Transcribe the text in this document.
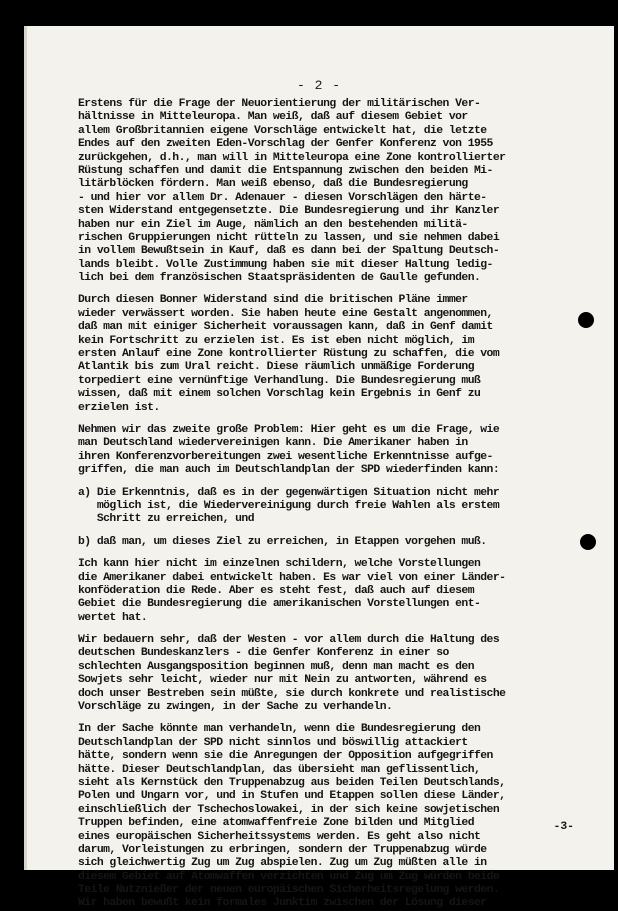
- 2 -
Erstens für die Frage der Neuorientierung der militärischen Ver-
hältnisse in Mitteleuropa. Man weiß, daß auf diesem Gebiet vor
allem Großbritannien eigene Vorschläge entwickelt hat, die letzte
Endes auf den zweiten Eden-Vorschlag der Genfer Konferenz von 1955
zurückgehen, d.h., man will in Mitteleuropa eine Zone kontrollierter
Rüstung schaffen und damit die Entspannung zwischen den beiden Mi-
litärblöcken fördern. Man weiß ebenso, daß die Bundesregierung
- und hier vor allem Dr. Adenauer - diesen Vorschlägen den härte-
sten Widerstand entgegensetzte. Die Bundesregierung und ihr Kanzler
haben nur ein Ziel im Auge, nämlich an den bestehenden militä-
rischen Gruppierungen nicht rütteln zu lassen, und sie nehmen dabei
in vollem Bewußtsein in Kauf, daß es dann bei der Spaltung Deutsch-
lands bleibt. Volle Zustimmung haben sie mit dieser Haltung ledig-
lich bei dem französischen Staatspräsidenten de Gaulle gefunden.
Durch diesen Bonner Widerstand sind die britischen Pläne immer
wieder verwässert worden. Sie haben heute eine Gestalt angenommen,
daß man mit einiger Sicherheit voraussagen kann, daß in Genf damit
kein Fortschritt zu erzielen ist. Es ist eben nicht möglich, im
ersten Anlauf eine Zone kontrollierter Rüstung zu schaffen, die vom
Atlantik bis zum Ural reicht. Diese räumlich unmäßige Forderung
torpediert eine vernünftige Verhandlung. Die Bundesregierung muß
wissen, daß mit einem solchen Vorschlag kein Ergebnis in Genf zu
erzielen ist.
Nehmen wir das zweite große Problem: Hier geht es um die Frage, wie
man Deutschland wiedervereinigen kann. Die Amerikaner haben in
ihren Konferenzvorbereitungen zwei wesentliche Erkenntnisse aufge-
griffen, die man auch im Deutschlandplan der SPD wiederfinden kann:
a) Die Erkenntnis, daß es in der gegenwärtigen Situation nicht mehr
möglich ist, die Wiedervereinigung durch freie Wahlen als erstem
Schritt zu erreichen, und
b) daß man, um dieses Ziel zu erreichen, in Etappen vorgehen muß.
Ich kann hier nicht im einzelnen schildern, welche Vorstellungen
die Amerikaner dabei entwickelt haben. Es war viel von einer Länder-
konföderation die Rede. Aber es steht fest, daß auch auf diesem
Gebiet die Bundesregierung die amerikanischen Vorstellungen ent-
wertet hat.
Wir bedauern sehr, daß der Westen - vor allem durch die Haltung des
deutschen Bundeskanzlers - die Genfer Konferenz in einer so
schlechten Ausgangsposition beginnen muß, denn man macht es den
Sowjets sehr leicht, wieder nur mit Nein zu antworten, während es
doch unser Bestreben sein müßte, sie durch konkrete und realistische
Vorschläge zu zwingen, in der Sache zu verhandeln.
In der Sache könnte man verhandeln, wenn die Bundesregierung den
Deutschlandplan der SPD nicht sinnlos und böswillig attackiert
hätte, sondern wenn sie die Anregungen der Opposition aufgegriffen
hätte. Dieser Deutschlandplan, das übersieht man geflissentlich,
sieht als Kernstück den Truppenabzug aus beiden Teilen Deutschlands,
Polen und Ungarn vor, und in Stufen und Etappen sollen diese Länder,
einschließlich der Tschechoslowakei, in der sich keine sowjetischen
Truppen befinden, eine atomwaffenfreie Zone bilden und Mitglied
eines europäischen Sicherheitssystems werden. Es geht also nicht
darum, Vorleistungen zu erbringen, sondern der Truppenabzug würde
sich gleichwertig Zug um Zug abspielen. Zug um Zug müßten alle in
diesem Gebiet auf Atomwaffen verzichten und Zug um Zug würden beide
Teile Nutznießer der neuen europäischen Sicherheitsregelung werden.
Wir haben bewußt kein formales Junktim zwischen der Lösung dieser
-3-
